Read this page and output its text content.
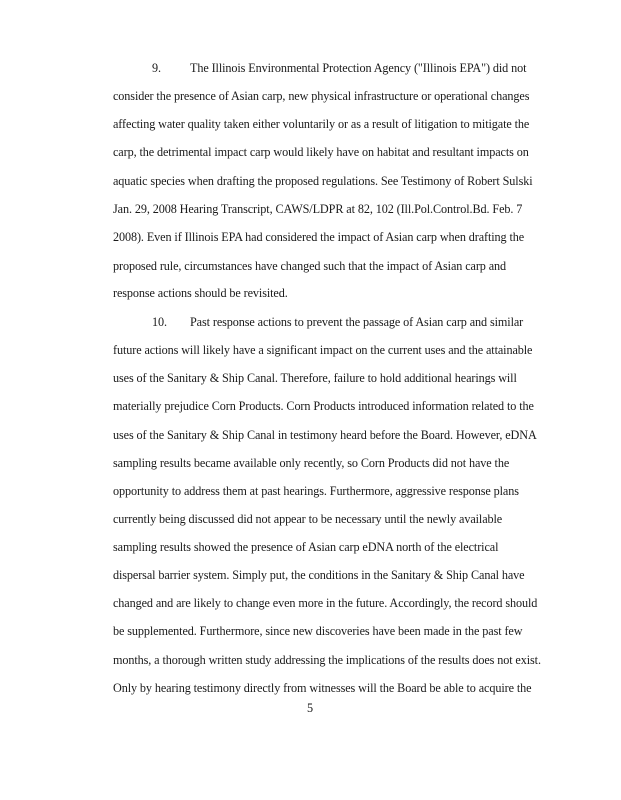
9. The Illinois Environmental Protection Agency ("Illinois EPA") did not
consider the presence of Asian carp, new physical infrastructure or operational changes
affecting water quality taken either voluntarily or as a result of litigation to mitigate the
carp, the detrimental impact carp would likely have on habitat and resultant impacts on
aquatic species when drafting the proposed regulations. See Testimony of Robert Sulski
Jan. 29, 2008 Hearing Transcript, CAWS/LDPR at 82, 102 (Ill.Pol.Control.Bd. Feb. 7
2008). Even if Illinois EPA had considered the impact of Asian carp when drafting the
proposed rule, circumstances have changed such that the impact of Asian carp and
response actions should be revisited.
10. Past response actions to prevent the passage of Asian carp and similar
future actions will likely have a significant impact on the current uses and the attainable
uses of the Sanitary & Ship Canal. Therefore, failure to hold additional hearings will
materially prejudice Corn Products. Corn Products introduced information related to the
uses of the Sanitary & Ship Canal in testimony heard before the Board. However, eDNA
sampling results became available only recently, so Corn Products did not have the
opportunity to address them at past hearings. Furthermore, aggressive response plans
currently being discussed did not appear to be necessary until the newly available
sampling results showed the presence of Asian carp eDNA north of the electrical
dispersal barrier system. Simply put, the conditions in the Sanitary & Ship Canal have
changed and are likely to change even more in the future. Accordingly, the record should
be supplemented. Furthermore, since new discoveries have been made in the past few
months, a thorough written study addressing the implications of the results does not exist.
Only by hearing testimony directly from witnesses will the Board be able to acquire the
5
